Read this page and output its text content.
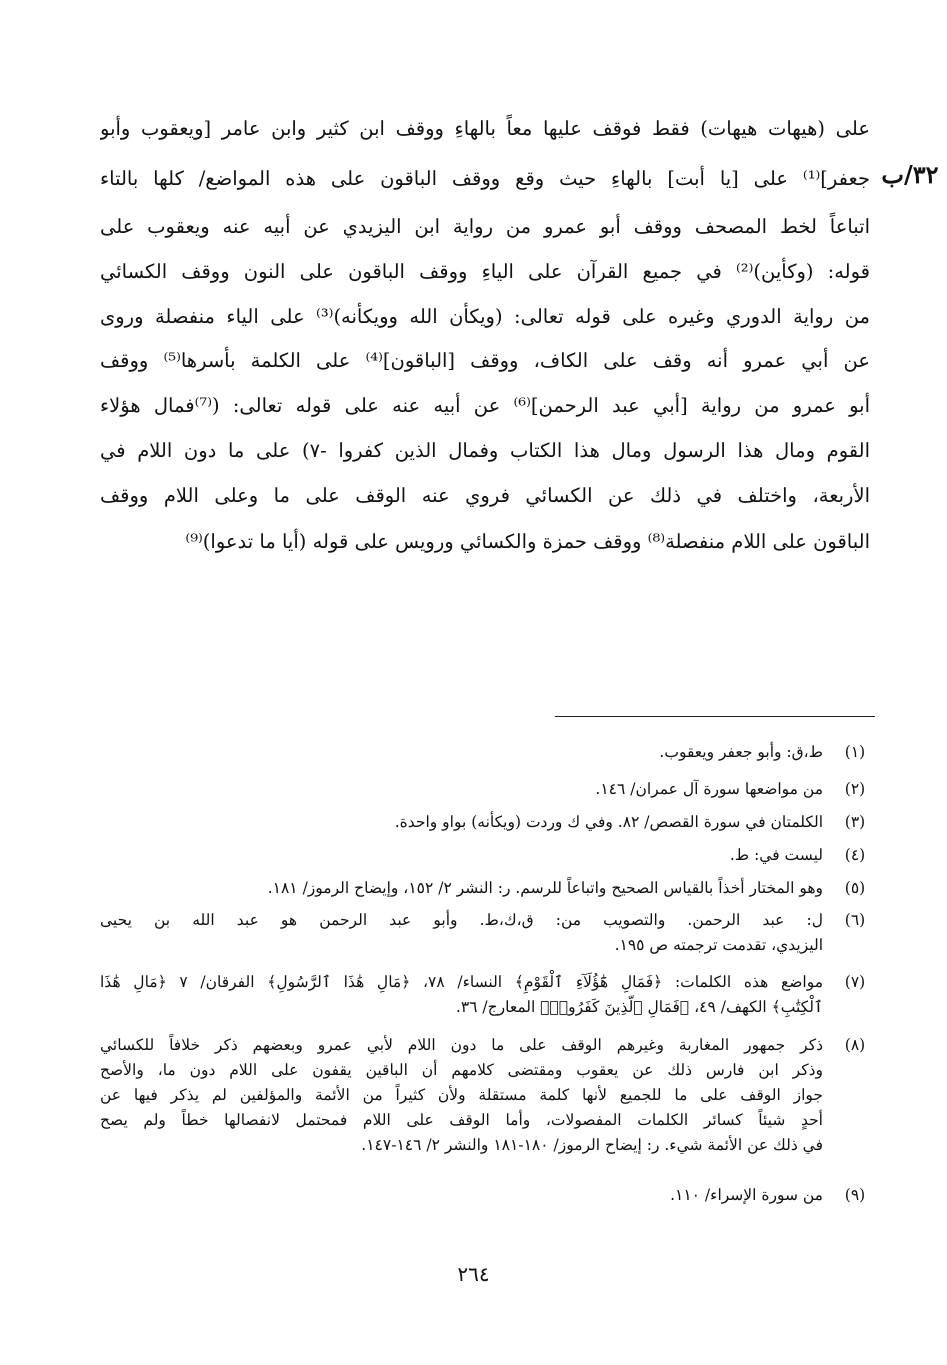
٣٢/ب
على (هيهات هيهات) فقط فوقف عليها معاً بالهاءِ ووقف ابن كثير وابن عامر [ويعقوب وأبو
جعفر]⁽¹⁾ على [يا أبت] بالهاءِ حيث وقع ووقف الباقون على هذه المواضع/ كلها بالتاء
اتباعاً لخط المصحف ووقف أبو عمرو من رواية ابن اليزيدي عن أبيه عنه ويعقوب على
قوله: (وكأين)⁽²⁾ في جميع القرآن على الياءِ ووقف الباقون على النون ووقف الكسائي
من رواية الدوري وغيره على قوله تعالى: (ويكأن الله وويكأنه)⁽³⁾ على الياء منفصلة وروى
عن أبي عمرو أنه وقف على الكاف، ووقف [الباقون]⁽⁴⁾ على الكلمة بأسرها⁽⁵⁾ ووقف
أبو عمرو من رواية [أبي عبد الرحمن]⁽⁶⁾ عن أبيه عنه على قوله تعالى: (⁽⁷⁾فمال هؤلاء
القوم ومال هذا الرسول ومال هذا الكتاب وفمال الذين كفروا -٧) على ما دون اللام في
الأربعة، واختلف في ذلك عن الكسائي فروي عنه الوقف على ما وعلى اللام ووقف
الباقون على اللام منفصلة⁽⁸⁾ ووقف حمزة والكسائي ورويس على قوله (أيا ما تدعوا)⁽⁹⁾
(١)
ط،ق: وأبو جعفر ويعقوب.
(٢)
من مواضعها سورة آل عمران/ ١٤٦.
(٣)
الكلمتان في سورة القصص/ ٨٢. وفي ك وردت (ويكأنه) بواو واحدة.
(٤)
ليست في: ط.
(٥)
وهو المختار أخذاً بالقياس الصحيح واتباعاً للرسم. ر: النشر ٢/ ١٥٢، وإيضاح الرموز/ ١٨١.
(٦)
ل: عبد الرحمن. والتصويب من: ق،ك،ط. وأبو عبد الرحمن هو عبد الله بن يحيى
اليزيدي، تقدمت ترجمته ص ١٩٥.
(٧)
مواضع هذه الكلمات: ﴿فَمَالِ هَٰٓؤُلَآءِ ٱلْقَوْمِ﴾ النساء/ ٧٨، ﴿مَالِ هَٰذَا ٱلرَّسُولِ﴾ الفرقان/ ٧ ﴿مَالِ هَٰذَا
ٱلْكِتَٰبِ﴾ الكهف/ ٤٩، ﴿فَمَالِ ٱلَّذِينَ كَفَرُوا۟﴾ المعارج/ ٣٦.
(٨)
ذكر جمهور المغاربة وغيرهم الوقف على ما دون اللام لأبي عمرو وبعضهم ذكر خلافاً للكسائي
وذكر ابن فارس ذلك عن يعقوب ومقتضى كلامهم أن الباقين يقفون على اللام دون ما، والأصح
جواز الوقف على ما للجميع لأنها كلمة مستقلة ولأن كثيراً من الأئمة والمؤلفين لم يذكر فيها عن
أحدٍ شيئاً كسائر الكلمات المفصولات، وأما الوقف على اللام فمحتمل لانفصالها خطاً ولم يصح
في ذلك عن الأئمة شيء. ر: إيضاح الرموز/ ١٨٠-١٨١ والنشر ٢/ ١٤٦-١٤٧.
(٩)
من سورة الإسراء/ ١١٠.
٢٦٤
